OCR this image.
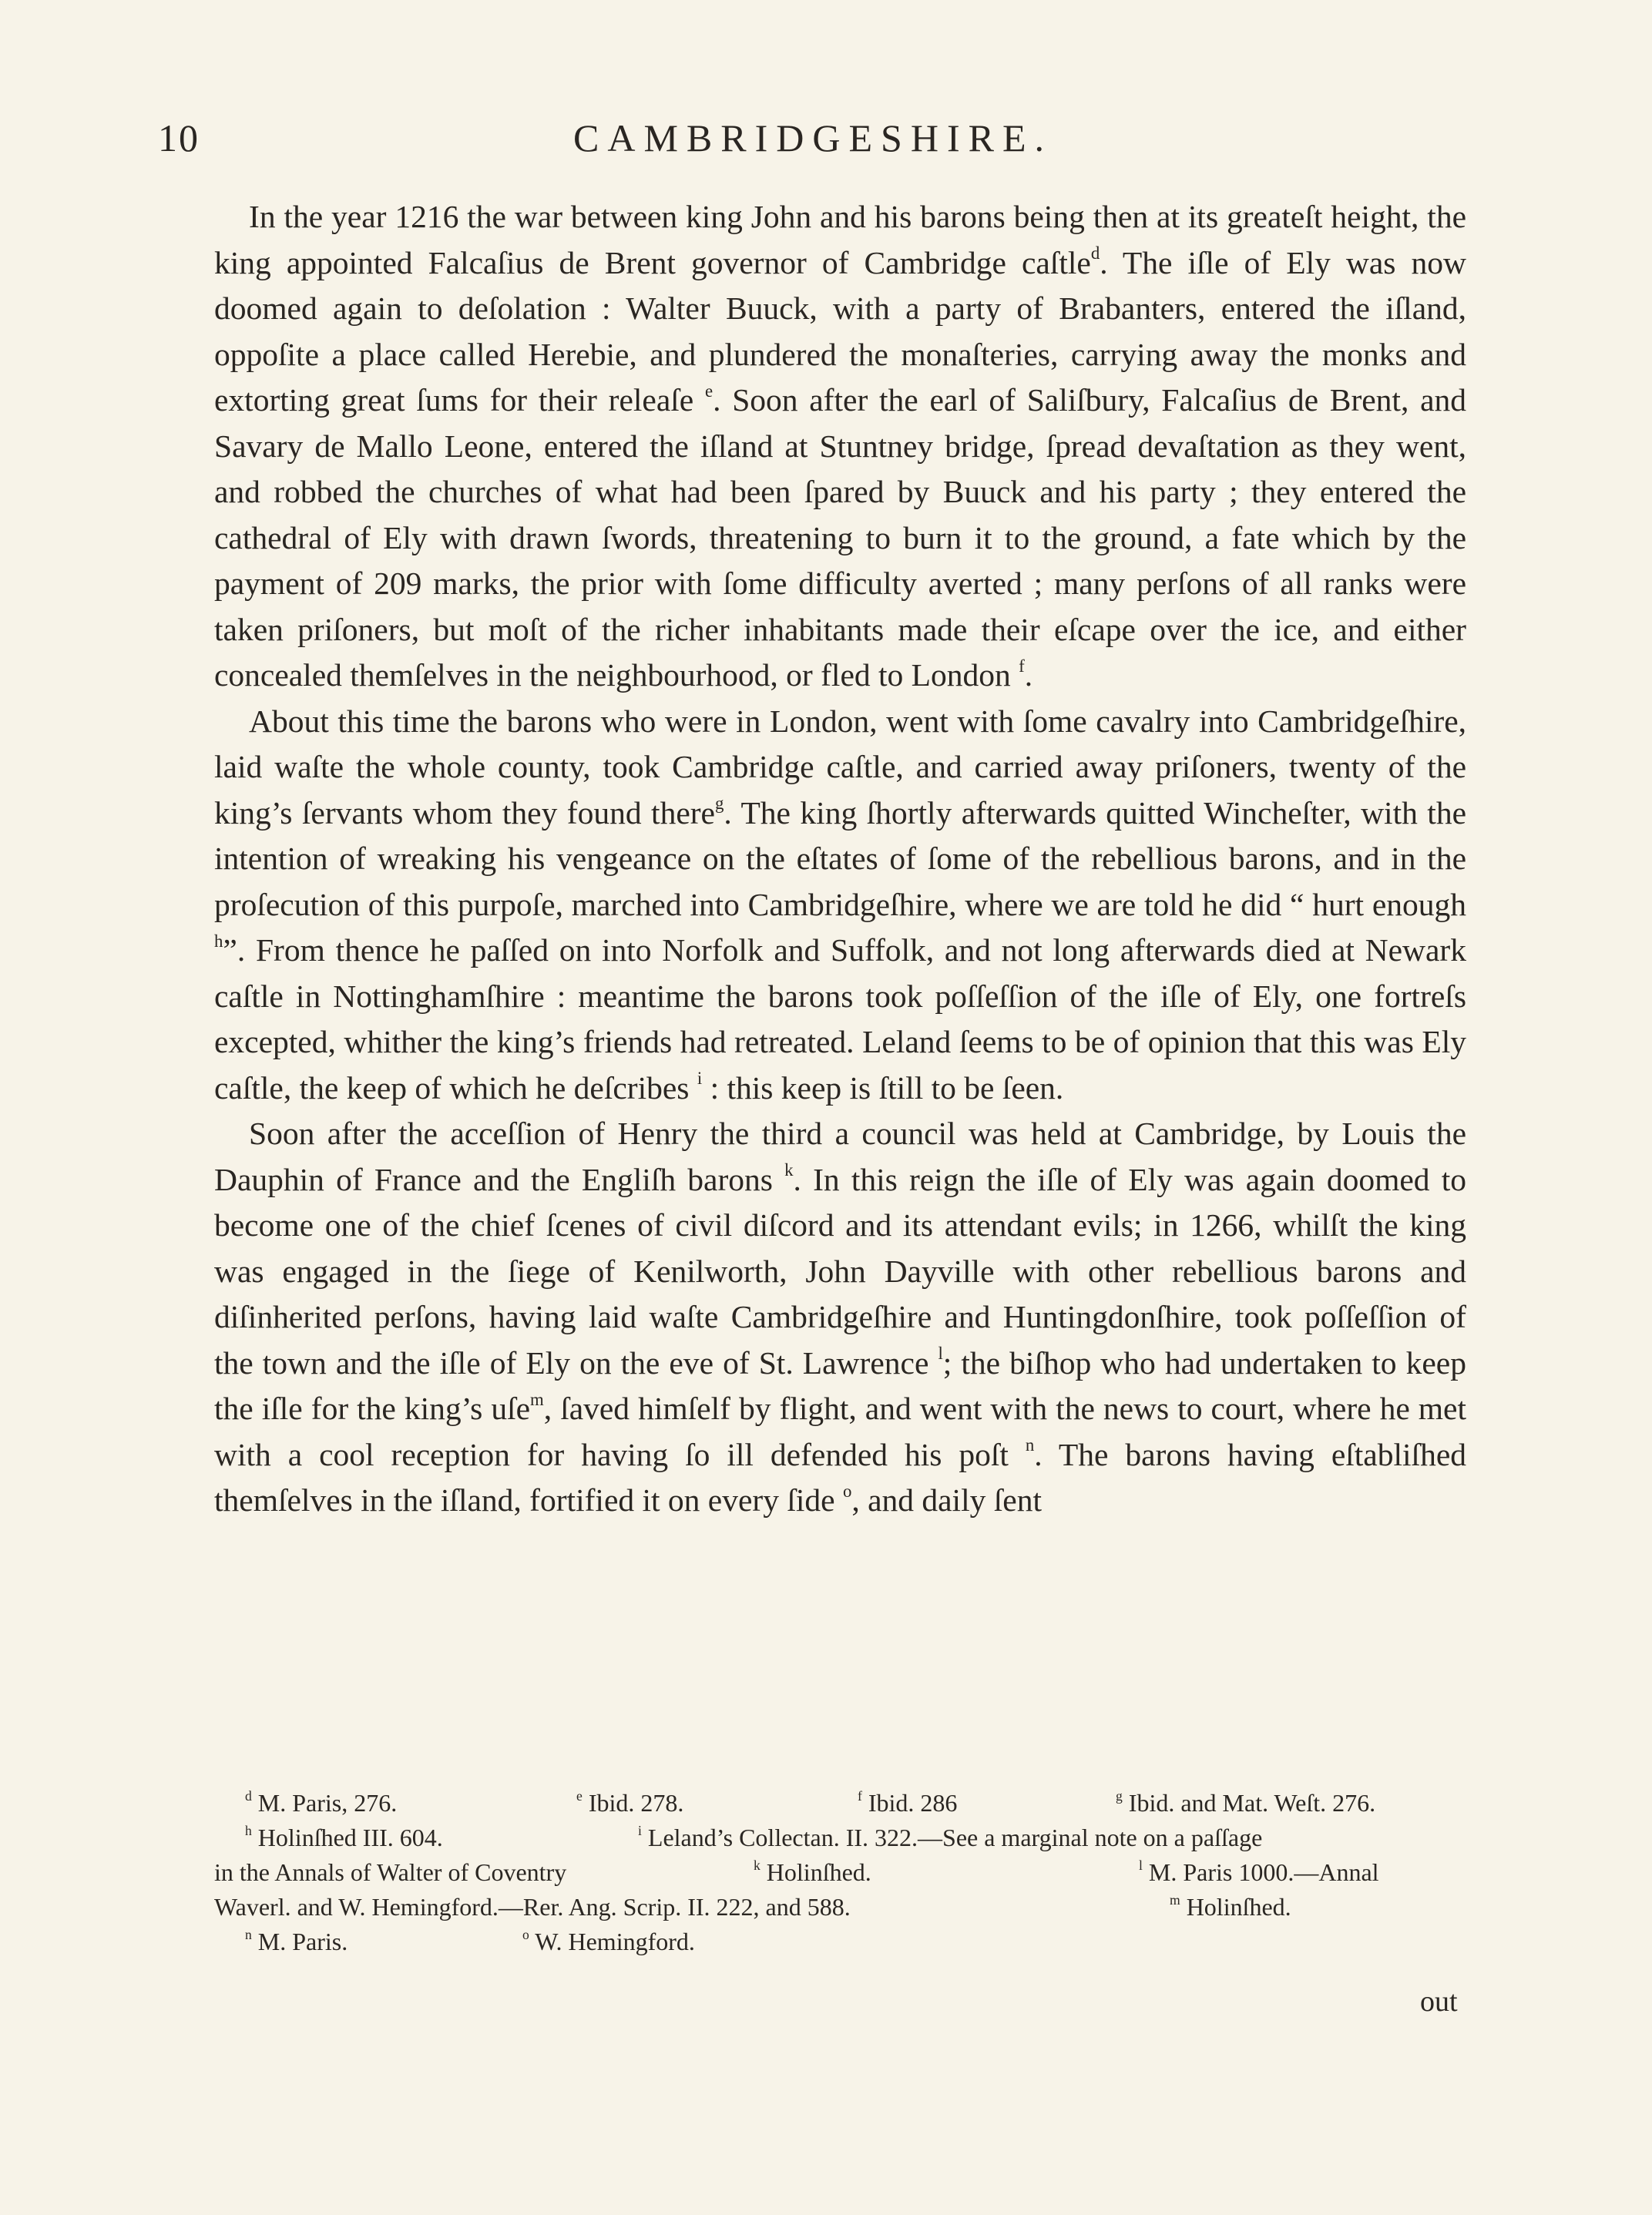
10	CAMBRIDGESHIRE.

In the year 1216 the war between king John and his barons being then at its greateſt height, the king appointed Falcaſius de Brent governor of Cambridge caſtle$^d$. The iſle of Ely was now doomed again to deſolation : Walter Buuck, with a party of Brabanters, entered the iſland, oppoſite a place called Herebie, and plundered the monaſteries, carrying away the monks and extorting great ſums for their releaſe $^e$. Soon after the earl of Saliſbury, Falcaſius de Brent, and Savary de Mallo Leone, entered the iſland at Stuntney bridge, ſpread devaſtation as they went, and robbed the churches of what had been ſpared by Buuck and his party ; they entered the cathedral of Ely with drawn ſwords, threatening to burn it to the ground, a fate which by the payment of 209 marks, the prior with ſome difficulty averted ; many perſons of all ranks were taken priſoners, but moſt of the richer inhabitants made their eſcape over the ice, and either concealed themſelves in the neighbourhood, or fled to London $^f$.

About this time the barons who were in London, went with ſome cavalry into Cambridgeſhire, laid waſte the whole county, took Cambridge caſtle, and carried away priſoners, twenty of the king’s ſervants whom they found there$^g$. The king ſhortly afterwards quitted Wincheſter, with the intention of wreaking his vengeance on the eſtates of ſome of the rebellious barons, and in the proſecution of this purpoſe, marched into Cambridgeſhire, where we are told he did “ hurt enough $^h$”. From thence he paſſed on into Norfolk and Suffolk, and not long afterwards died at Newark caſtle in Nottinghamſhire : meantime the barons took poſſeſſion of the iſle of Ely, one fortreſs excepted, whither the king’s friends had retreated. Leland ſeems to be of opinion that this was Ely caſtle, the keep of which he deſcribes $^i$ : this keep is ſtill to be ſeen.

Soon after the acceſſion of Henry the third a council was held at Cambridge, by Louis the Dauphin of France and the Engliſh barons $^k$. In this reign the iſle of Ely was again doomed to become one of the chief ſcenes of civil diſcord and its attendant evils; in 1266, whilſt the king was engaged in the ſiege of Kenilworth, John Dayville with other rebellious barons and diſinherited perſons, having laid waſte Cambridgeſhire and Huntingdonſhire, took poſſeſſion of the town and the iſle of Ely on the eve of St. Lawrence $^l$; the biſhop who had undertaken to keep the iſle for the king’s uſe$^m$, ſaved himſelf by flight, and went with the news to court, where he met with a cool reception for having ſo ill defended his poſt $^n$. The barons having eſtabliſhed themſelves in the iſland, fortified it on every ſide $^o$, and daily ſent

$^d$ M. Paris, 276.	$^e$ Ibid. 278.	$^f$ Ibid. 286	$^g$ Ibid. and Mat. Weſt. 276.
$^h$ Holinſhed III. 604.	$^i$ Leland’s Collectan. II. 322.—See a marginal note on a paſſage
in the Annals of Walter of Coventry	$^k$ Holinſhed.	$^l$ M. Paris 1000.—Annal
Waverl. and W. Hemingford.—Rer. Ang. Scrip. II. 222, and 588.	$^m$ Holinſhed.
$^n$ M. Paris.	$^o$ W. Hemingford.
out
